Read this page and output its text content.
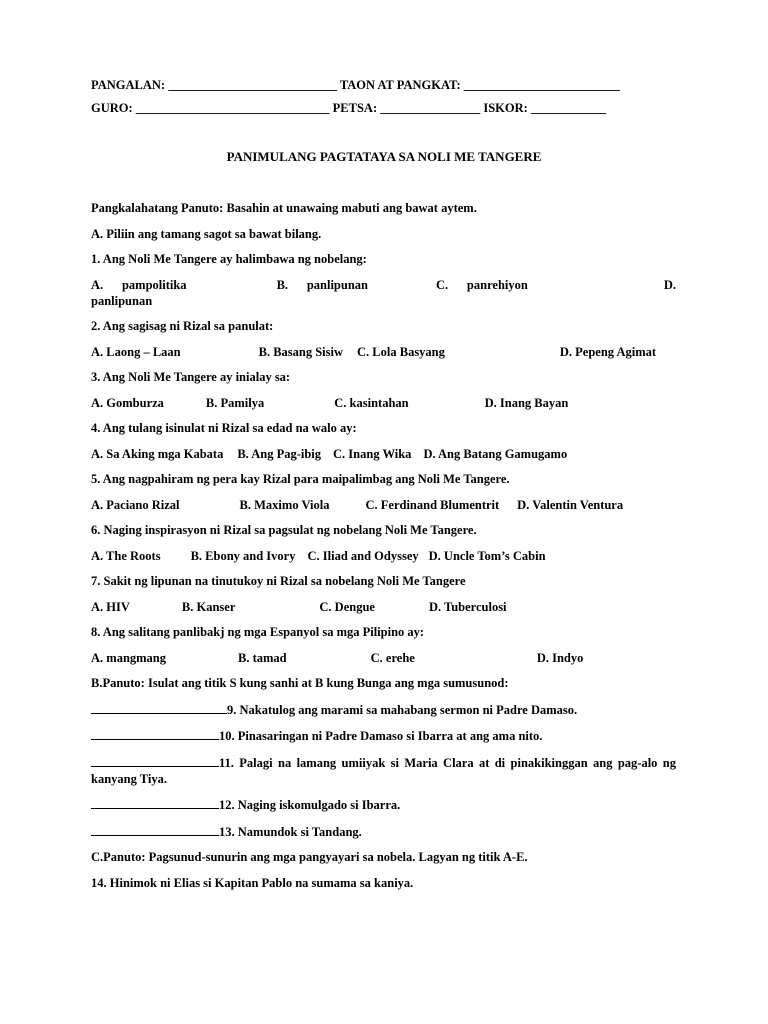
PANGALAN: ___________________________ TAON AT PANGKAT: _________________________
GURO: _______________________________ PETSA: ________________ ISKOR: ____________
PANIMULANG PAGTATAYA SA NOLI ME TANGERE

Pangkalahatang Panuto: Basahin at unawaing mabuti ang bawat aytem.

A. Piliin ang tamang sagot sa bawat bilang.

1. Ang Noli Me Tangere ay halimbawa ng nobelang:

A. pampolitika	B. panlipunan	C. panrehiyon	D. panlipunan

2. Ang sagisag ni Rizal sa panulat:

A. Laong – Laan	B. Basang Sisiw C. Lola Basyang	D. Pepeng Agimat

3. Ang Noli Me Tangere ay inialay sa:

A. Gomburza	B. Pamilya	C. kasintahan	D. Inang Bayan

4. Ang tulang isinulat ni Rizal sa edad na walo ay:

A. Sa Aking mga Kabata B. Ang Pag-ibig C. Inang Wika D. Ang Batang Gamugamo

5. Ang nagpahiram ng pera kay Rizal para maipalimbag ang Noli Me Tangere.

A. Paciano Rizal	B. Maximo Viola	C. Ferdinand Blumentrit D. Valentin Ventura

6. Naging inspirasyon ni Rizal sa pagsulat ng nobelang Noli Me Tangere.

A. The Roots B. Ebony and Ivory C. Iliad and Odyssey D. Uncle Tom’s Cabin

7. Sakit ng lipunan na tinutukoy ni Rizal sa nobelang Noli Me Tangere

A. HIV	B. Kanser	C. Dengue	D. Tuberculosi

8. Ang salitang panlibakj ng mga Espanyol sa mga Pilipino ay:

A. mangmang	B. tamad	C. erehe	D. Indyo

B.Panuto: Isulat ang titik S kung sanhi at B kung Bunga ang mga sumusunod:

9. Nakatulog ang marami sa mahabang sermon ni Padre Damaso.

10. Pinasaringan ni Padre Damaso si Ibarra at ang ama nito.

11. Palagi na lamang umiiyak si Maria Clara at di pinakikinggan ang pag-alo ng kanyang Tiya.

12. Naging iskomulgado si Ibarra.

13. Namundok si Tandang.

C.Panuto: Pagsunud-sunurin ang mga pangyayari sa nobela. Lagyan ng titik A-E.

14. Hinimok ni Elias si Kapitan Pablo na sumama sa kaniya.
